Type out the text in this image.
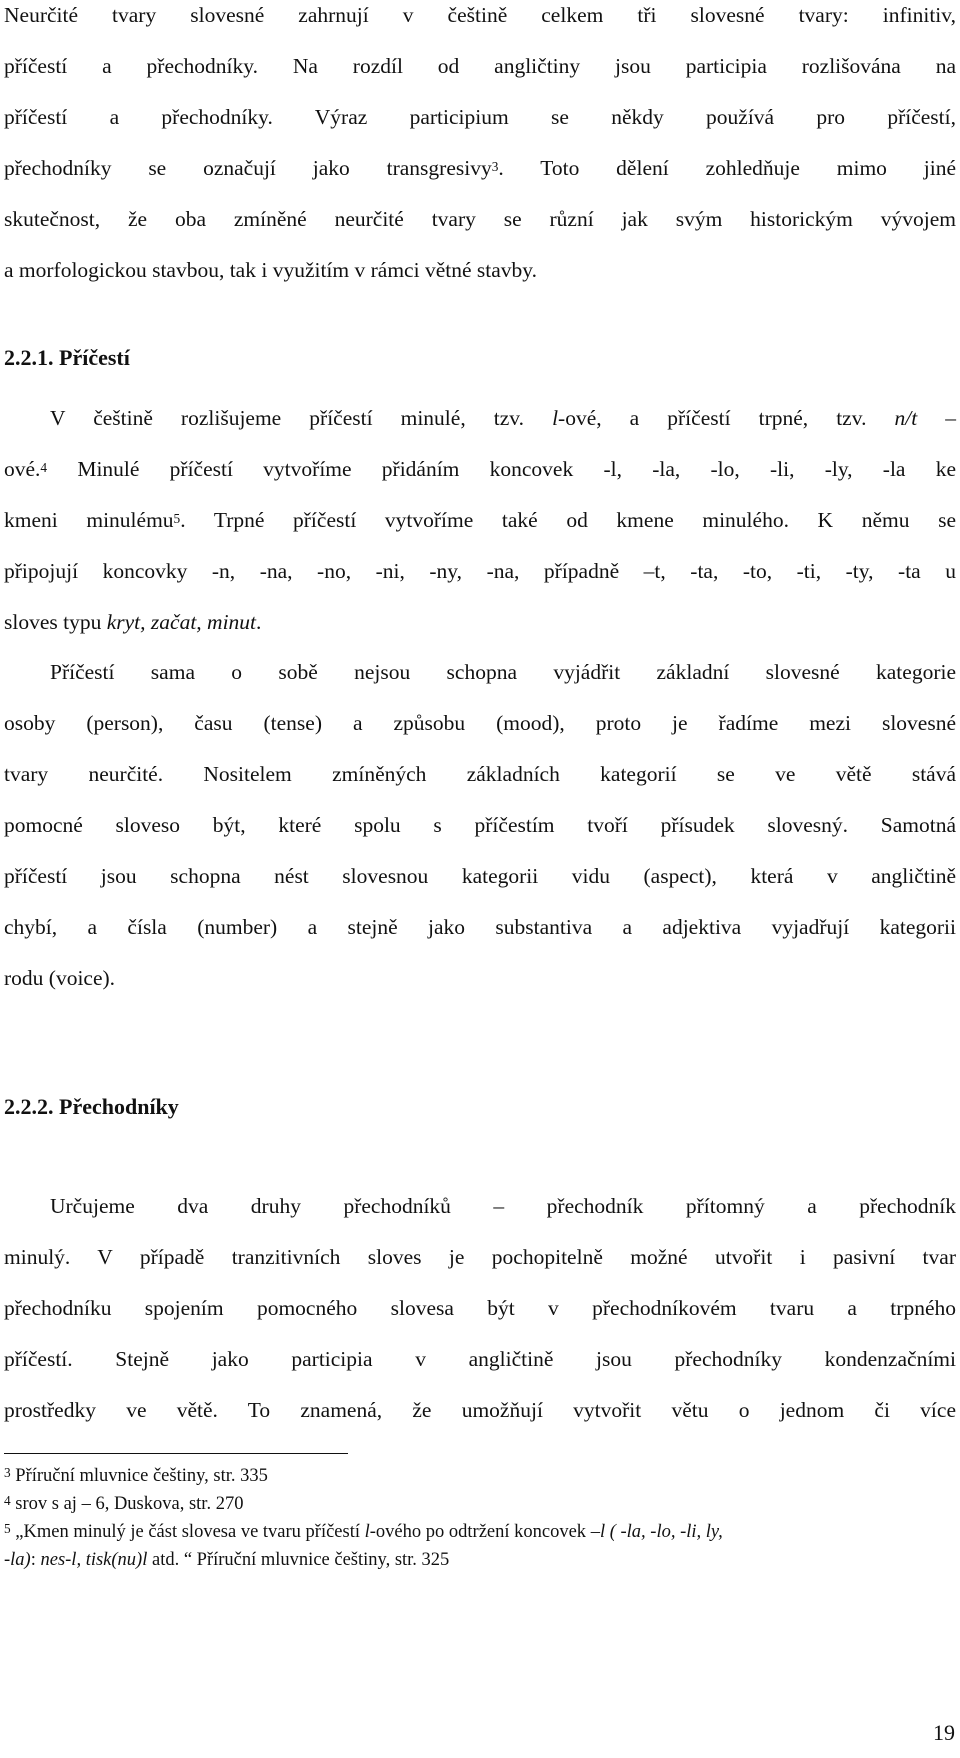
Neurčité tvary slovesné zahrnují v češtině celkem tři slovesné tvary: infinitiv,
příčestí a přechodníky. Na rozdíl od angličtiny jsou participia rozlišována na
příčestí a přechodníky. Výraz participium se někdy používá pro příčestí,
přechodníky se označují jako transgresivy$^3$. Toto dělení zohledňuje mimo jiné
skutečnost, že oba zmíněné neurčité tvary se různí jak svým historickým vývojem
a morfologickou stavbou, tak i využitím v rámci větné stavby.
2.2.1. Příčestí
V češtině rozlišujeme příčestí minulé, tzv. l-ové, a příčestí trpné, tzv. n/t –
ové.$^4$ Minulé příčestí vytvoříme přidáním koncovek -l, -la, -lo, -li, -ly, -la ke
kmeni minulému$^5$. Trpné příčestí vytvoříme také od kmene minulého. K němu se
připojují koncovky -n, -na, -no, -ni, -ny, -na, případně –t, -ta, -to, -ti, -ty, -ta u
sloves typu kryt, začat, minut.
Příčestí sama o sobě nejsou schopna vyjádřit základní slovesné kategorie
osoby (person), času (tense) a způsobu (mood), proto je řadíme mezi slovesné
tvary neurčité. Nositelem zmíněných základních kategorií se ve větě stává
pomocné sloveso být, které spolu s příčestím tvoří přísudek slovesný. Samotná
příčestí jsou schopna nést slovesnou kategorii vidu (aspect), která v angličtině
chybí, a čísla (number) a stejně jako substantiva a adjektiva vyjadřují kategorii
rodu (voice).
2.2.2. Přechodníky
Určujeme dva druhy přechodníků – přechodník přítomný a přechodník
minulý. V případě tranzitivních sloves je pochopitelně možné utvořit i pasivní tvar
přechodníku spojením pomocného slovesa být v přechodníkovém tvaru a trpného
příčestí. Stejně jako participia v angličtině jsou přechodníky kondenzačními
prostředky ve větě. To znamená, že umožňují vytvořit větu o jednom či více
$^3$ Příruční mluvnice češtiny, str. 335
$^4$ srov s aj – 6, Duskova, str. 270
$^5$ „Kmen minulý je část slovesa ve tvaru příčestí l-ového po odtržení koncovek –l ( -la, -lo, -li, ly,
-la): nes-l, tisk(nu)l atd. “ Příruční mluvnice češtiny, str. 325
19
